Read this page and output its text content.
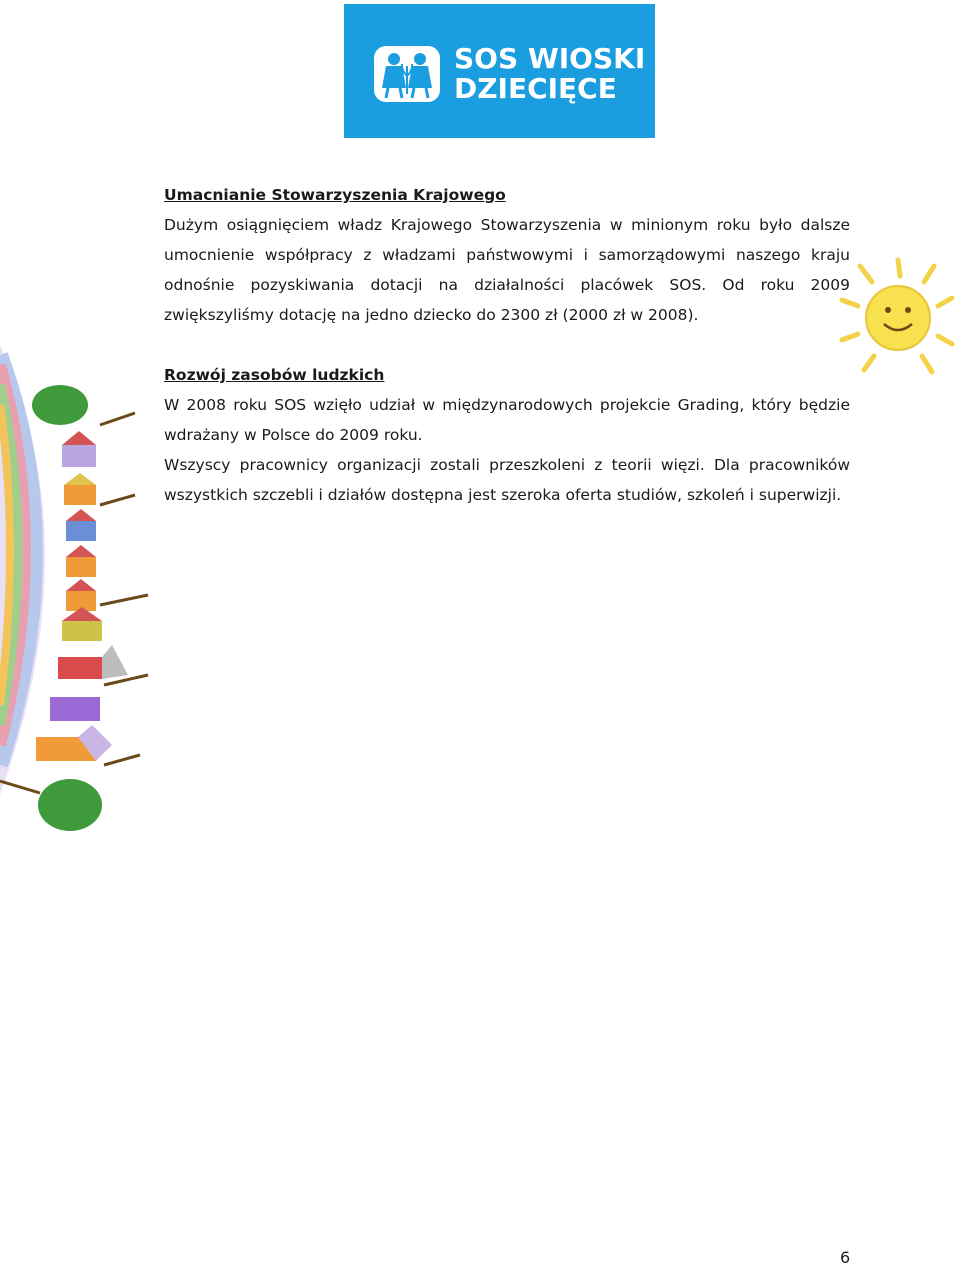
SOS WIOSKI
DZIECIĘCE

Umacnianie Stowarzyszenia Krajowego

Dużym osiągnięciem władz Krajowego Stowarzyszenia w minionym roku było dalsze umocnienie współpracy z władzami państwowymi i samorządowymi naszego kraju odnośnie pozyskiwania dotacji na działalności placówek SOS. Od roku 2009 zwiększyliśmy dotację na jedno dziecko do 2300 zł (2000 zł w 2008).

Rozwój zasobów ludzkich

W 2008 roku SOS wzięło udział w międzynarodowych projekcie Grading, który będzie wdrażany w Polsce do 2009 roku.

Wszyscy pracownicy organizacji zostali przeszkoleni z teorii więzi. Dla pracowników wszystkich szczebli i działów dostępna jest szeroka oferta studiów, szkoleń i superwizji.

6
